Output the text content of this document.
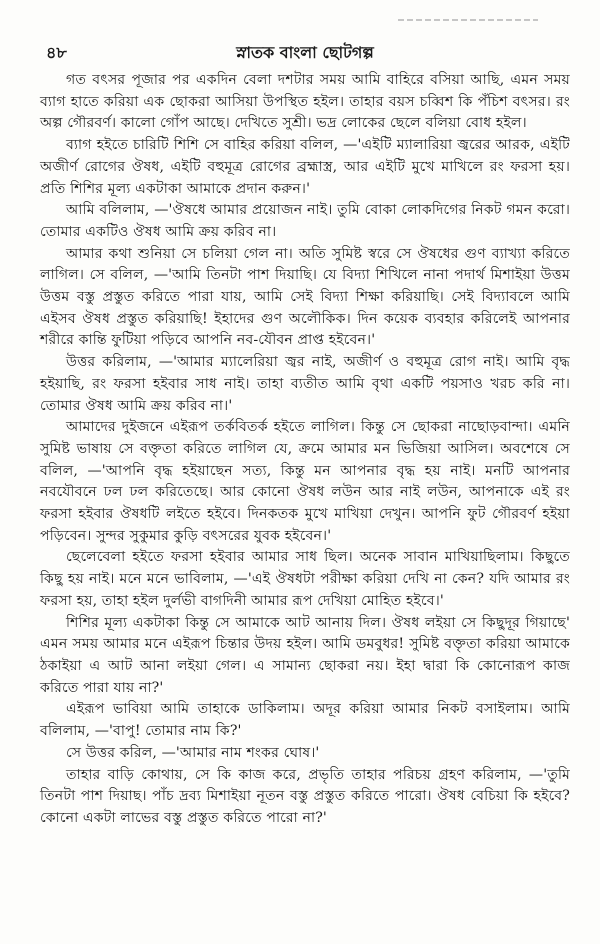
৪৮	স্নাতক বাংলা ছোটগল্প

গত বৎসর পূজার পর একদিন বেলা দশটার সময় আমি বাহিরে বসিয়া আছি, এমন সময় ব্যাগ হাতে করিয়া এক ছোকরা আসিয়া উপস্থিত হইল। তাহার বয়স চব্বিশ কি পঁচিশ বৎসর। রং অল্প গৌরবর্ণ। কালো গোঁপ আছে। দেখিতে সুশ্রী। ভদ্র লোকের ছেলে বলিয়া বোধ হইল।

ব্যাগ হইতে চারিটি শিশি সে বাহির করিয়া বলিল, —'এইটি ম্যালারিয়া জ্বরের আরক, এইটি অজীর্ণ রোগের ঔষধ, এইটি বহুমূত্র রোগের ব্রহ্মাস্ত্র, আর এইটি মুখে মাখিলে রং ফরসা হয়। প্রতি শিশির মূল্য একটাকা আমাকে প্রদান করুন।'

আমি বলিলাম, —'ঔষধে আমার প্রয়োজন নাই। তুমি বোকা লোকদিগের নিকট গমন করো। তোমার একটিও ঔষধ আমি ক্রয় করিব না।

আমার কথা শুনিয়া সে চলিয়া গেল না। অতি সুমিষ্ট স্বরে সে ঔষধের গুণ ব্যাখ্যা করিতে লাগিল। সে বলিল, —'আমি তিনটা পাশ দিয়াছি। যে বিদ্যা শিখিলে নানা পদার্থ মিশাইয়া উত্তম উত্তম বস্তু প্রস্তুত করিতে পারা যায়, আমি সেই বিদ্যা শিক্ষা করিয়াছি। সেই বিদ্যাবলে আমি এইসব ঔষধ প্রস্তুত করিয়াছি! ইহাদের গুণ অলৌকিক। দিন কয়েক ব্যবহার করিলেই আপনার শরীরে কান্তি ফুটিয়া পড়িবে আপনি নব-যৌবন প্রাপ্ত হইবেন।'

উত্তর করিলাম, —'আমার ম্যালেরিয়া জ্বর নাই, অজীর্ণ ও বহুমূত্র রোগ নাই। আমি বৃদ্ধ হইয়াছি, রং ফরসা হইবার সাধ নাই। তাহা ব্যতীত আমি বৃথা একটি পয়সাও খরচ করি না। তোমার ঔষধ আমি ক্রয় করিব না।'

আমাদের দুইজনে এইরূপ তর্কবিতর্ক হইতে লাগিল। কিন্তু সে ছোকরা নাছোড়বান্দা। এমনি সুমিষ্ট ভাষায় সে বক্তৃতা করিতে লাগিল যে, ক্রমে আমার মন ভিজিয়া আসিল। অবশেষে সে বলিল, —'আপনি বৃদ্ধ হইয়াছেন সত্য, কিন্তু মন আপনার বৃদ্ধ হয় নাই। মনটি আপনার নবযৌবনে ঢল ঢল করিতেছে। আর কোনো ঔষধ লউন আর নাই লউন, আপনাকে এই রং ফরসা হইবার ঔষধটি লইতে হইবে। দিনকতক মুখে মাখিয়া দেখুন। আপনি ফুট গৌরবর্ণ হইয়া পড়িবেন। সুন্দর সুকুমার কুড়ি বৎসরের যুবক হইবেন।'

ছেলেবেলা হইতে ফরসা হইবার আমার সাধ ছিল। অনেক সাবান মাখিয়াছিলাম। কিছুতে কিছু হয় নাই। মনে মনে ভাবিলাম, —'এই ঔষধটা পরীক্ষা করিয়া দেখি না কেন? যদি আমার রং ফরসা হয়, তাহা হইল দুর্লভী বাগদিনী আমার রূপ দেখিয়া মোহিত হইবে।'

শিশির মূল্য একটাকা কিন্তু সে আমাকে আট আনায় দিল। ঔষধ লইয়া সে কিছুদূর গিয়াছে' এমন সময় আমার মনে এইরূপ চিন্তার উদয় হইল। আমি ডমবুধর! সুমিষ্ট বক্তৃতা করিয়া আমাকে ঠকাইয়া এ আট আনা লইয়া গেল। এ সামান্য ছোকরা নয়। ইহা দ্বারা কি কোনোরূপ কাজ করিতে পারা যায় না?'

এইরূপ ভাবিয়া আমি তাহাকে ডাকিলাম। অদূর করিয়া আমার নিকট বসাইলাম। আমি বলিলাম, —'বাপু! তোমার নাম কি?'

সে উত্তর করিল, —'আমার নাম শংকর ঘোষ।'

তাহার বাড়ি কোথায়, সে কি কাজ করে, প্রভৃতি তাহার পরিচয় গ্রহণ করিলাম, —'তুমি তিনটা পাশ দিয়াছ। পাঁচ দ্রব্য মিশাইয়া নূতন বস্তু প্রস্তুত করিতে পারো। ঔষধ বেচিয়া কি হইবে? কোনো একটা লাভের বস্তু প্রস্তুত করিতে পারো না?'
